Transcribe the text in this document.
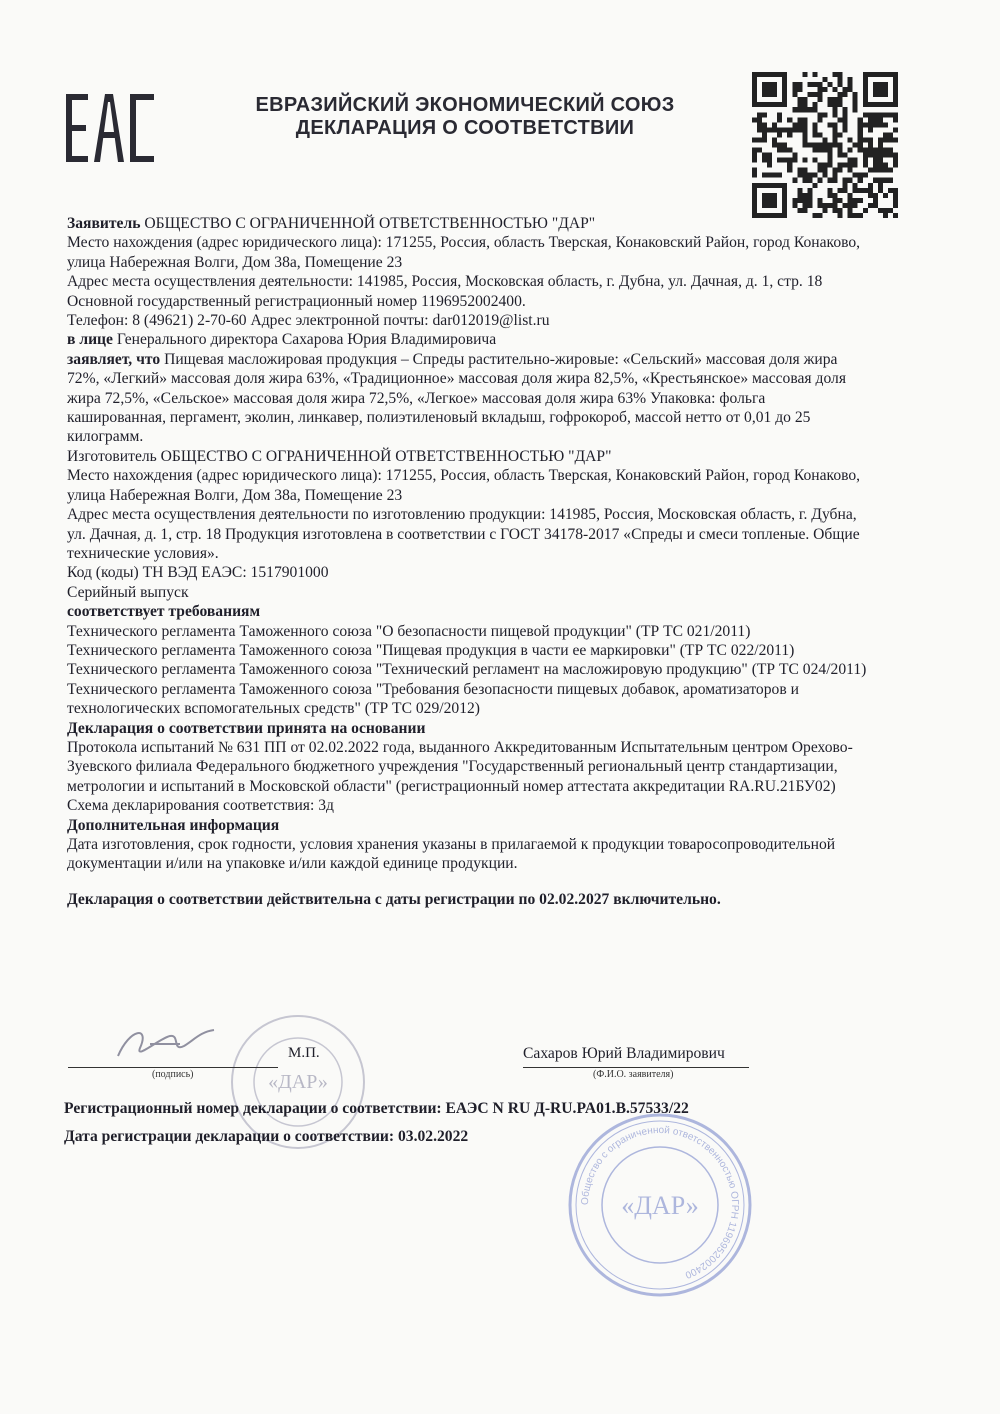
ЕВРАЗИЙСКИЙ ЭКОНОМИЧЕСКИЙ СОЮЗ
ДЕКЛАРАЦИЯ О СООТВЕТСТВИИ

Заявитель ОБЩЕСТВО С ОГРАНИЧЕННОЙ ОТВЕТСТВЕННОСТЬЮ "ДАР"

Место нахождения (адрес юридического лица): 171255, Россия, область Тверская, Конаковский Район, город Конаково, улица Набережная Волги, Дом 38а, Помещение 23

Адрес места осуществления деятельности: 141985, Россия, Московская область, г. Дубна, ул. Дачная, д. 1, стр. 18

Основной государственный регистрационный номер 1196952002400.

Телефон: 8 (49621) 2-70-60 Адрес электронной почты: dar012019@list.ru

в лице Генерального директора Сахарова Юрия Владимировича

заявляет, что Пищевая масложировая продукция – Спреды растительно-жировые: «Сельский» массовая доля жира 72%, «Легкий» массовая доля жира 63%, «Традиционное» массовая доля жира 82,5%, «Крестьянское» массовая доля жира 72,5%, «Сельское» массовая доля жира 72,5%, «Легкое» массовая доля жира 63% Упаковка: фольга кашированная, пергамент, эколин, линкавер, полиэтиленовый вкладыш, гофрокороб, массой нетто от 0,01 до 25 килограмм.

Изготовитель ОБЩЕСТВО С ОГРАНИЧЕННОЙ ОТВЕТСТВЕННОСТЬЮ "ДАР"

Место нахождения (адрес юридического лица): 171255, Россия, область Тверская, Конаковский Район, город Конаково, улица Набережная Волги, Дом 38а, Помещение 23

Адрес места осуществления деятельности по изготовлению продукции: 141985, Россия, Московская область, г. Дубна, ул. Дачная, д. 1, стр. 18 Продукция изготовлена в соответствии с ГОСТ 34178-2017 «Спреды и смеси топленые. Общие технические условия».

Код (коды) ТН ВЭД ЕАЭС: 1517901000

Серийный выпуск

соответствует требованиям

Технического регламента Таможенного союза "О безопасности пищевой продукции" (ТР ТС 021/2011)

Технического регламента Таможенного союза "Пищевая продукция в части ее маркировки" (ТР ТС 022/2011)

Технического регламента Таможенного союза "Технический регламент на масложировую продукцию" (ТР ТС 024/2011)

Технического регламента Таможенного союза "Требования безопасности пищевых добавок, ароматизаторов и технологических вспомогательных средств" (ТР ТС 029/2012)

Декларация о соответствии принята на основании

Протокола испытаний № 631 ПП от 02.02.2022 года, выданного Аккредитованным Испытательным центром Орехово-Зуевского филиала Федерального бюджетного учреждения "Государственный региональный центр стандартизации, метрологии и испытаний в Московской области" (регистрационный номер аттестата аккредитации RA.RU.21БУ02)

Схема декларирования соответствия: 3д

Дополнительная информация

Дата изготовления, срок годности, условия хранения указаны в прилагаемой к продукции товаросопроводительной документации и/или на упаковке и/или каждой единице продукции.

Декларация о соответствии действительна с даты регистрации по 02.02.2027 включительно.

«ДАР»
(подпись)
М.П.	Сахаров Юрий Владимирович
(Ф.И.О. заявителя)
Регистрационный номер декларации о соответствии: ЕАЭС N RU Д-RU.PA01.B.57533/22
Дата регистрации декларации о соответствии: 03.02.2022
Общество с ограниченной ответственностью ОГРН 1196952002400
«ДАР»
